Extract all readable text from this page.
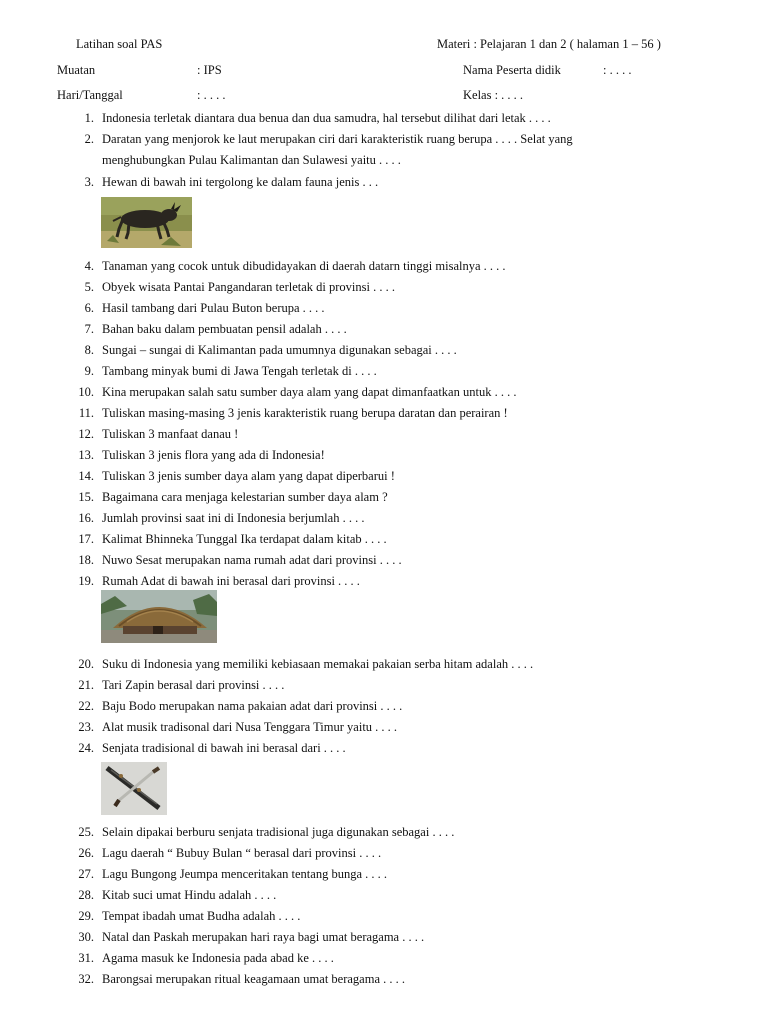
Latihan soal PAS	Materi : Pelajaran 1 dan 2 ( halaman 1 – 56 )
Muatan	: IPS	Nama Peserta didik	: . . . .
Hari/Tanggal	: . . . .	Kelas : . . . .
1. Indonesia terletak diantara dua benua dan dua samudra, hal tersebut dilihat dari letak . . . .
2. Daratan yang menjorok ke laut merupakan ciri dari karakteristik ruang berupa . . . . Selat yang
menghubungkan Pulau Kalimantan dan Sulawesi yaitu . . . .
3. Hewan di bawah ini tergolong ke dalam fauna jenis . . .
4. Tanaman yang cocok untuk dibudidayakan di daerah datarn tinggi misalnya . . . .
5. Obyek wisata Pantai Pangandaran terletak di provinsi . . . .
6. Hasil tambang dari Pulau Buton berupa . . . .
7. Bahan baku dalam pembuatan pensil adalah . . . .
8. Sungai – sungai di Kalimantan pada umumnya digunakan sebagai . . . .
9. Tambang minyak bumi di Jawa Tengah terletak di . . . .
10. Kina merupakan salah satu sumber daya alam yang dapat dimanfaatkan untuk . . . .
11. Tuliskan masing-masing 3 jenis karakteristik ruang berupa daratan dan perairan !
12. Tuliskan 3 manfaat danau !
13. Tuliskan 3 jenis flora yang ada di Indonesia!
14. Tuliskan 3 jenis sumber daya alam yang dapat diperbarui !
15. Bagaimana cara menjaga kelestarian sumber daya alam ?
16. Jumlah provinsi saat ini di Indonesia berjumlah . . . .
17. Kalimat Bhinneka Tunggal Ika terdapat dalam kitab . . . .
18. Nuwo Sesat merupakan nama rumah adat dari provinsi . . . .
19. Rumah Adat di bawah ini berasal dari provinsi . . . .
20. Suku di Indonesia yang memiliki kebiasaan memakai pakaian serba hitam adalah . . . .
21. Tari Zapin berasal dari provinsi . . . .
22. Baju Bodo merupakan nama pakaian adat dari provinsi . . . .
23. Alat musik tradisonal dari Nusa Tenggara Timur yaitu . . . .
24. Senjata tradisional di bawah ini berasal dari . . . .
25. Selain dipakai berburu senjata tradisional juga digunakan sebagai . . . .
26. Lagu daerah “ Bubuy Bulan “ berasal dari provinsi . . . .
27. Lagu Bungong Jeumpa menceritakan tentang bunga . . . .
28. Kitab suci umat Hindu adalah . . . .
29. Tempat ibadah umat Budha adalah . . . .
30. Natal dan Paskah merupakan hari raya bagi umat beragama . . . .
31. Agama masuk ke Indonesia pada abad ke . . . .
32. Barongsai merupakan ritual keagamaan umat beragama . . . .
